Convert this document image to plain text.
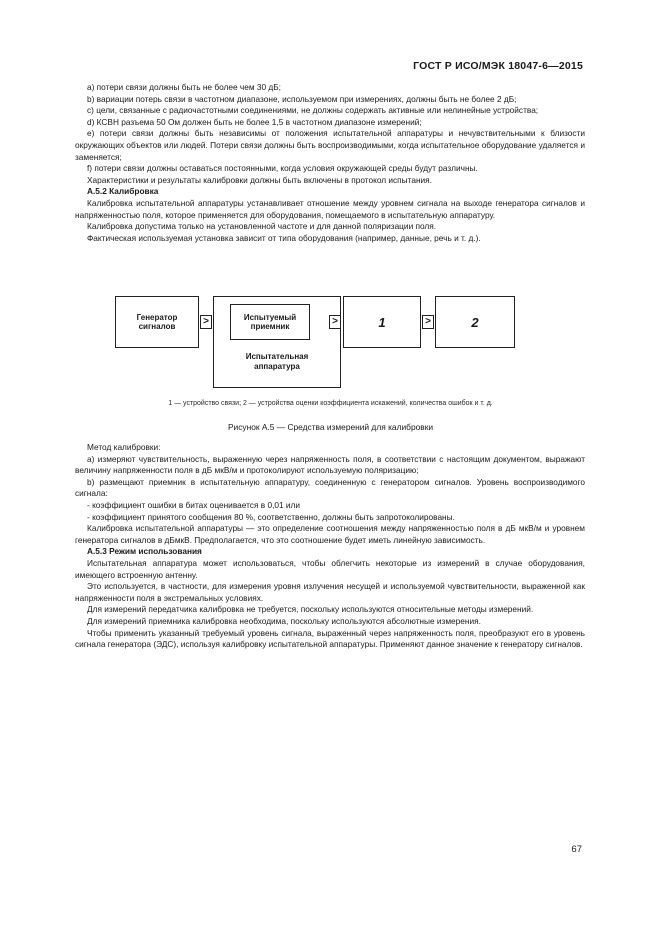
ГОСТ Р ИСО/МЭК 18047-6—2015

a) потери связи должны быть не более чем 30 дБ;

b) вариации потерь связи в частотном диапазоне, используемом при измерениях, должны быть не более 2 дБ;

c) цели, связанные с радиочастотными соединениями, не должны содержать активные или нелинейные устройства;

d) КСВН разъема 50 Ом должен быть не более 1,5 в частотном диапазоне измерений;

e) потери связи должны быть независимы от положения испытательной аппаратуры и нечувствительными к близости окружающих объектов или людей. Потери связи должны быть воспроизводимыми, когда испытательное оборудование удаляется и заменяется;

f) потери связи должны оставаться постоянными, когда условия окружающей среды будут различны.

Характеристики и результаты калибровки должны быть включены в протокол испытания.

А.5.2 Калибровка

Калибровка испытательной аппаратуры устанавливает отношение между уровнем сигнала на выходе генератора сигналов и напряженностью поля, которое применяется для оборудования, помещаемого в испытательную аппаратуру.

Калибровка допустима только на установленной частоте и для данной поляризации поля.

Фактическая используемая установка зависит от типа оборудования (например, данные, речь и т. д.).

Генератор сигналов	>	Испытуемый приемник
Испытательная аппаратура
>	1	>	2
1 — устройство связи; 2 — устройства оценки коэффициента искажений, количества ошибок и т. д.
Рисунок А.5 — Средства измерений для калибровки

Метод калибровки:

a) измеряют чувствительность, выраженную через напряженность поля, в соответствии с настоящим документом, выражают величину напряженности поля в дБ мкВ/м и протоколируют используемую поляризацию;

b) размещают приемник в испытательную аппаратуру, соединенную с генератором сигналов. Уровень воспроизводимого сигнала:

- коэффициент ошибки в битах оценивается в 0,01 или

- коэффициент принятого сообщения 80 %, соответственно, должны быть запротоколированы.

Калибровка испытательной аппаратуры — это определение соотношения между напряженностью поля в дБ мкВ/м и уровнем генератора сигналов в дБмкВ. Предполагается, что это соотношение будет иметь линейную зависимость.

А.5.3 Режим использования

Испытательная аппаратура может использоваться, чтобы облегчить некоторые из измерений в случае оборудования, имеющего встроенную антенну.

Это используется, в частности, для измерения уровня излучения несущей и используемой чувствительности, выраженной как напряженности поля в экстремальных условиях.

Для измерений передатчика калибровка не требуется, поскольку используются относительные методы измерений.

Для измерений приемника калибровка необходима, поскольку используются абсолютные измерения.

Чтобы применить указанный требуемый уровень сигнала, выраженный через напряженность поля, преобразуют его в уровень сигнала генератора (ЭДС), используя калибровку испытательной аппаратуры. Применяют данное значение к генератору сигналов.

67
